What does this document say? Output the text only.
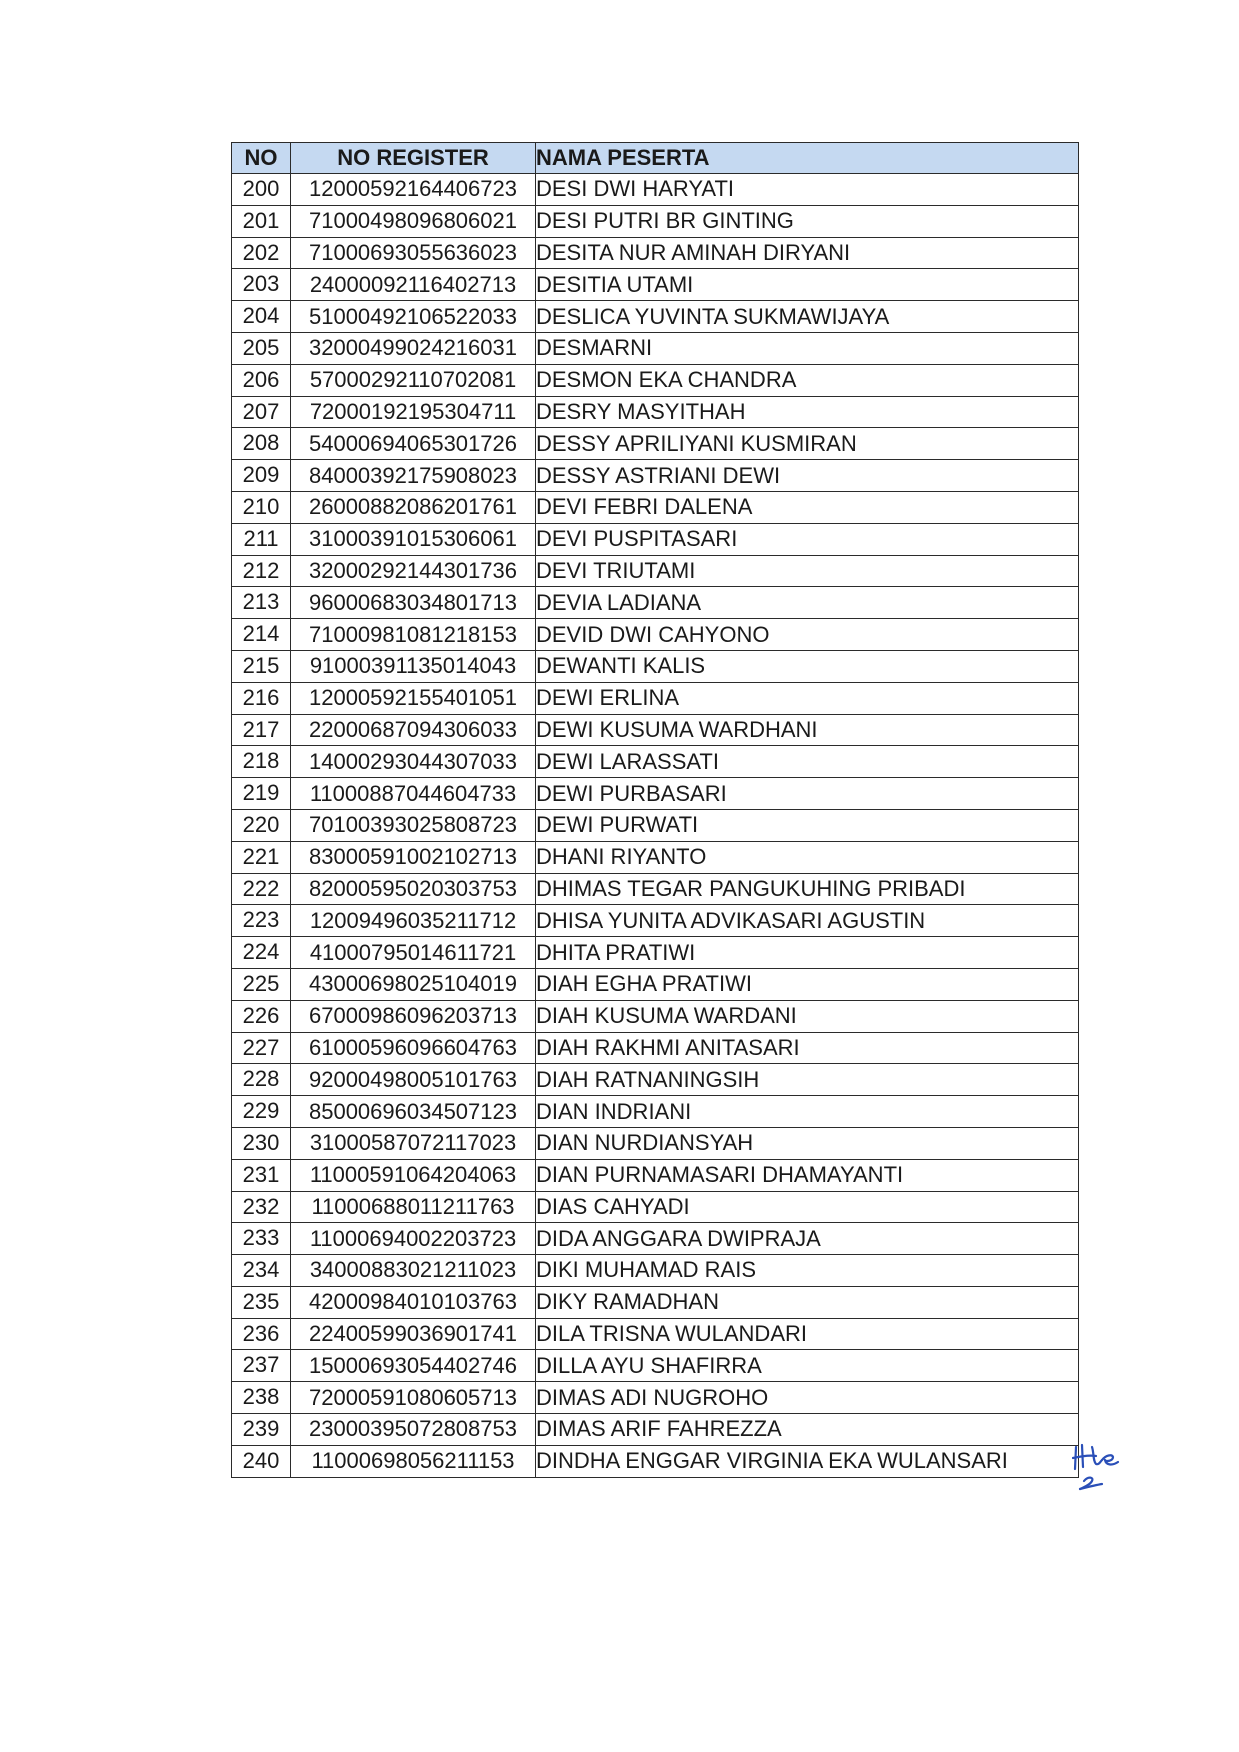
NO	NO REGISTER	NAMA PESERTA
200	12000592164406723	DESI DWI HARYATI
201	71000498096806021	DESI PUTRI BR GINTING
202	71000693055636023	DESITA NUR AMINAH DIRYANI
203	24000092116402713	DESITIA UTAMI
204	51000492106522033	DESLICA YUVINTA SUKMAWIJAYA
205	32000499024216031	DESMARNI
206	57000292110702081	DESMON EKA CHANDRA
207	72000192195304711	DESRY MASYITHAH
208	54000694065301726	DESSY APRILIYANI KUSMIRAN
209	84000392175908023	DESSY ASTRIANI DEWI
210	26000882086201761	DEVI FEBRI DALENA
211	31000391015306061	DEVI PUSPITASARI
212	32000292144301736	DEVI TRIUTAMI
213	96000683034801713	DEVIA LADIANA
214	71000981081218153	DEVID DWI CAHYONO
215	91000391135014043	DEWANTI KALIS
216	12000592155401051	DEWI ERLINA
217	22000687094306033	DEWI KUSUMA WARDHANI
218	14000293044307033	DEWI LARASSATI
219	11000887044604733	DEWI PURBASARI
220	70100393025808723	DEWI PURWATI
221	83000591002102713	DHANI RIYANTO
222	82000595020303753	DHIMAS TEGAR PANGUKUHING PRIBADI
223	12009496035211712	DHISA YUNITA ADVIKASARI AGUSTIN
224	41000795014611721	DHITA PRATIWI
225	43000698025104019	DIAH EGHA PRATIWI
226	67000986096203713	DIAH KUSUMA WARDANI
227	61000596096604763	DIAH RAKHMI ANITASARI
228	92000498005101763	DIAH RATNANINGSIH
229	85000696034507123	DIAN INDRIANI
230	31000587072117023	DIAN NURDIANSYAH
231	11000591064204063	DIAN PURNAMASARI DHAMAYANTI
232	11000688011211763	DIAS CAHYADI
233	11000694002203723	DIDA ANGGARA DWIPRAJA
234	34000883021211023	DIKI MUHAMAD RAIS
235	42000984010103763	DIKY RAMADHAN
236	22400599036901741	DILA TRISNA WULANDARI
237	15000693054402746	DILLA AYU SHAFIRRA
238	72000591080605713	DIMAS ADI NUGROHO
239	23000395072808753	DIMAS ARIF FAHREZZA
240	11000698056211153	DINDHA ENGGAR VIRGINIA EKA WULANSARI
